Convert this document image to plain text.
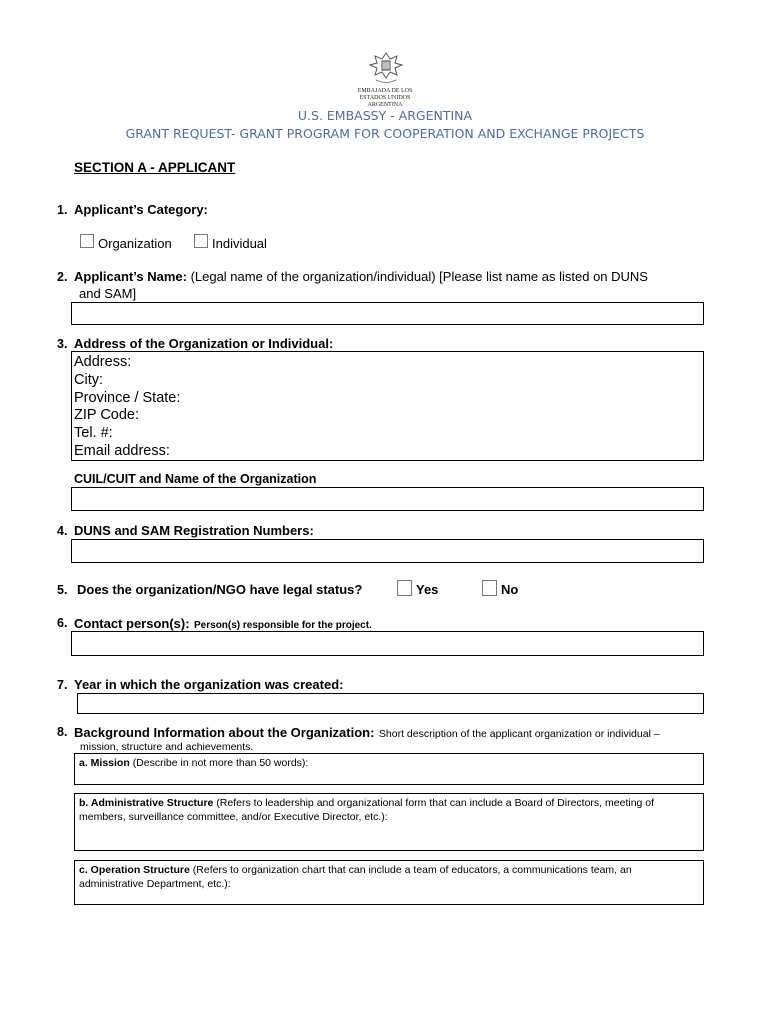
EMBAJADA DE LOS
ESTADOS UNIDOS
ARGENTINA
U.S. EMBASSY - ARGENTINA
GRANT REQUEST- GRANT PROGRAM FOR COOPERATION AND EXCHANGE PROJECTS
SECTION A - APPLICANT
1. Applicant’s Category:
Organization	Individual
2. Applicant’s Name: (Legal name of the organization/individual) [Please list name as listed on DUNS
and SAM]
3. Address of the Organization or Individual:
Address:
City:
Province / State:
ZIP Code:
Tel. #:
Email address:
CUIL/CUIT and Name of the Organization
4. DUNS and SAM Registration Numbers:
5. Does the organization/NGO have legal status?	Yes	No
6. Contact person(s): Person(s) responsible for the project.
7. Year in which the organization was created:
8. Background Information about the Organization: Short description of the applicant organization or individual –
mission, structure and achievements.
a. Mission (Describe in not more than 50 words):
b. Administrative Structure (Refers to leadership and organizational form that can include a Board of Directors, meeting of
members, surveillance committee, and/or Executive Director, etc.):
c. Operation Structure (Refers to organization chart that can include a team of educators, a communications team, an
administrative Department, etc.):
